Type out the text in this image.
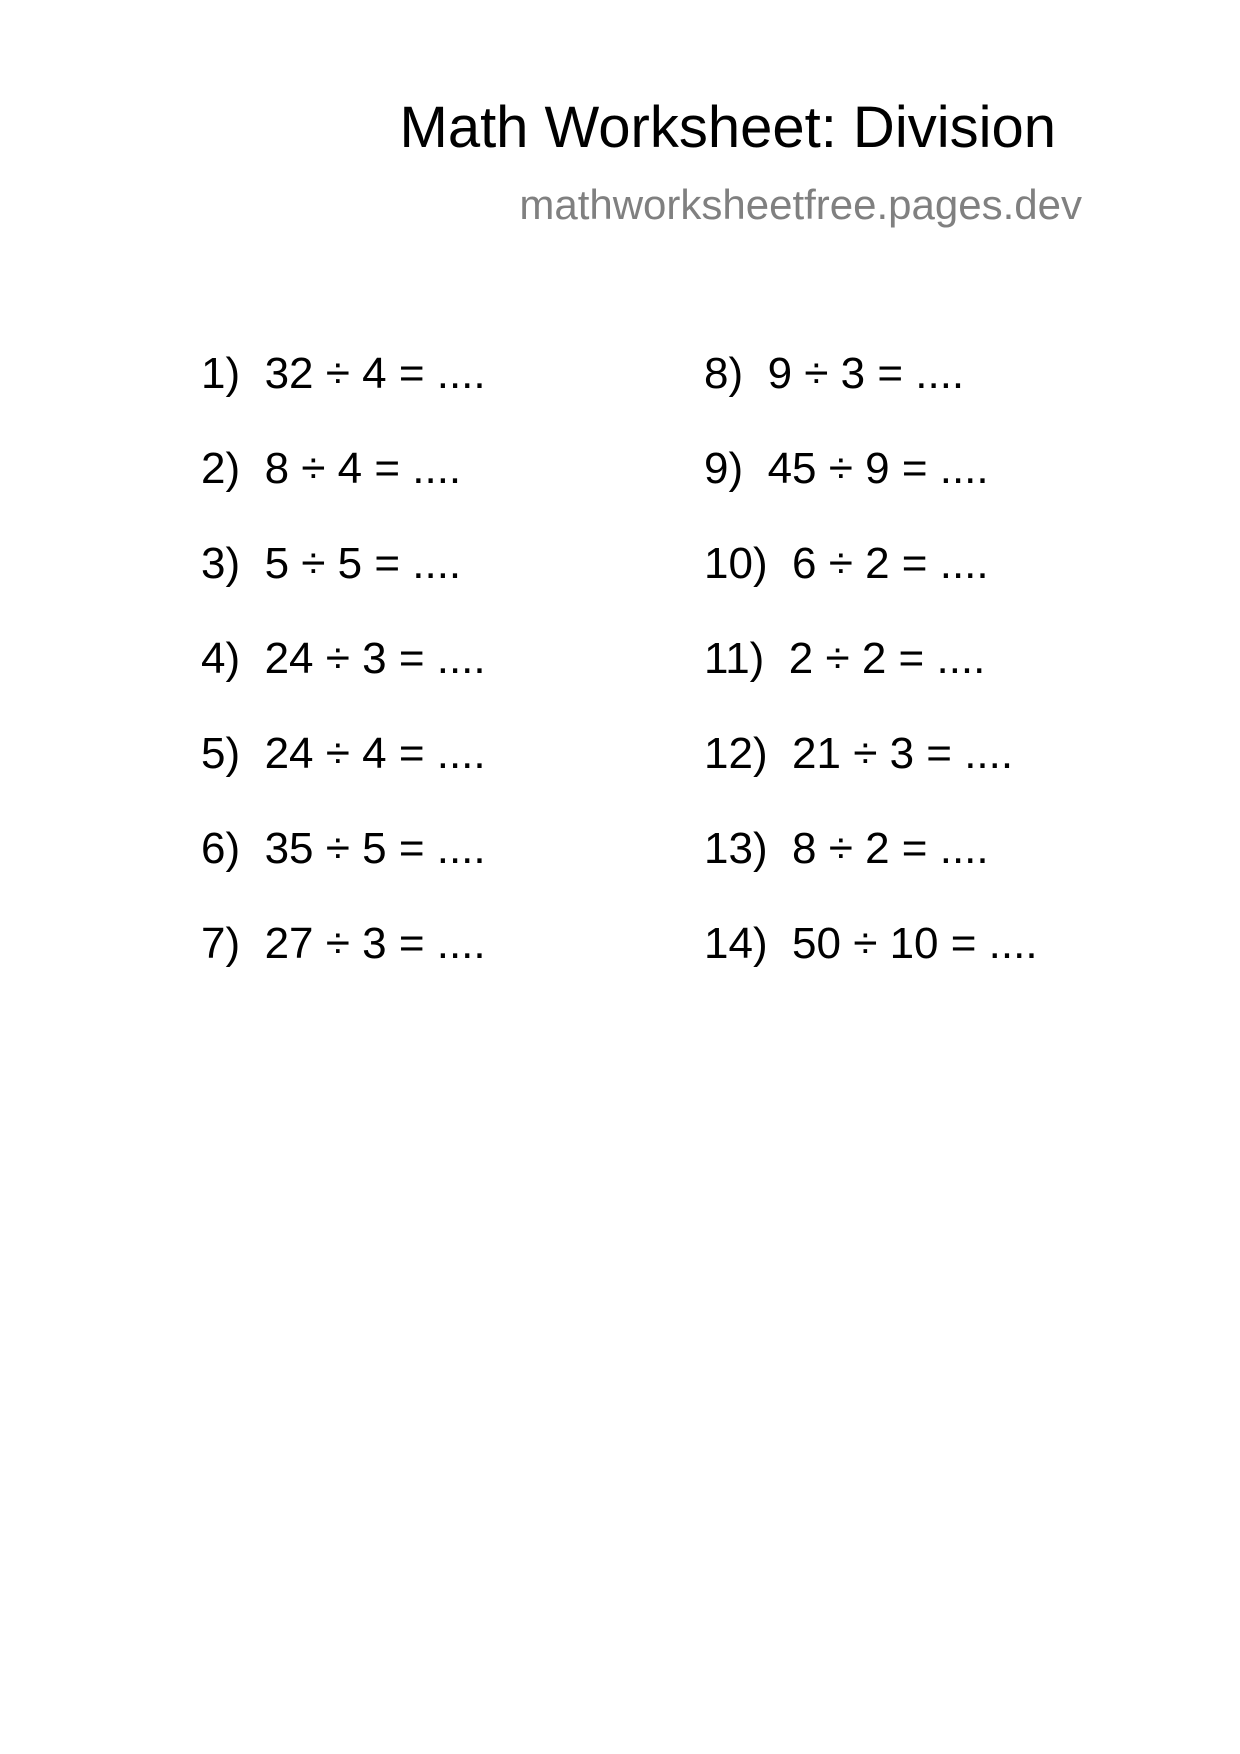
Math Worksheet: Division
mathworksheetfree.pages.dev
1) 32 ÷ 4 = ....
2) 8 ÷ 4 = ....
3) 5 ÷ 5 = ....
4) 24 ÷ 3 = ....
5) 24 ÷ 4 = ....
6) 35 ÷ 5 = ....
7) 27 ÷ 3 = ....
8) 9 ÷ 3 = ....
9) 45 ÷ 9 = ....
10) 6 ÷ 2 = ....
11) 2 ÷ 2 = ....
12) 21 ÷ 3 = ....
13) 8 ÷ 2 = ....
14) 50 ÷ 10 = ....
